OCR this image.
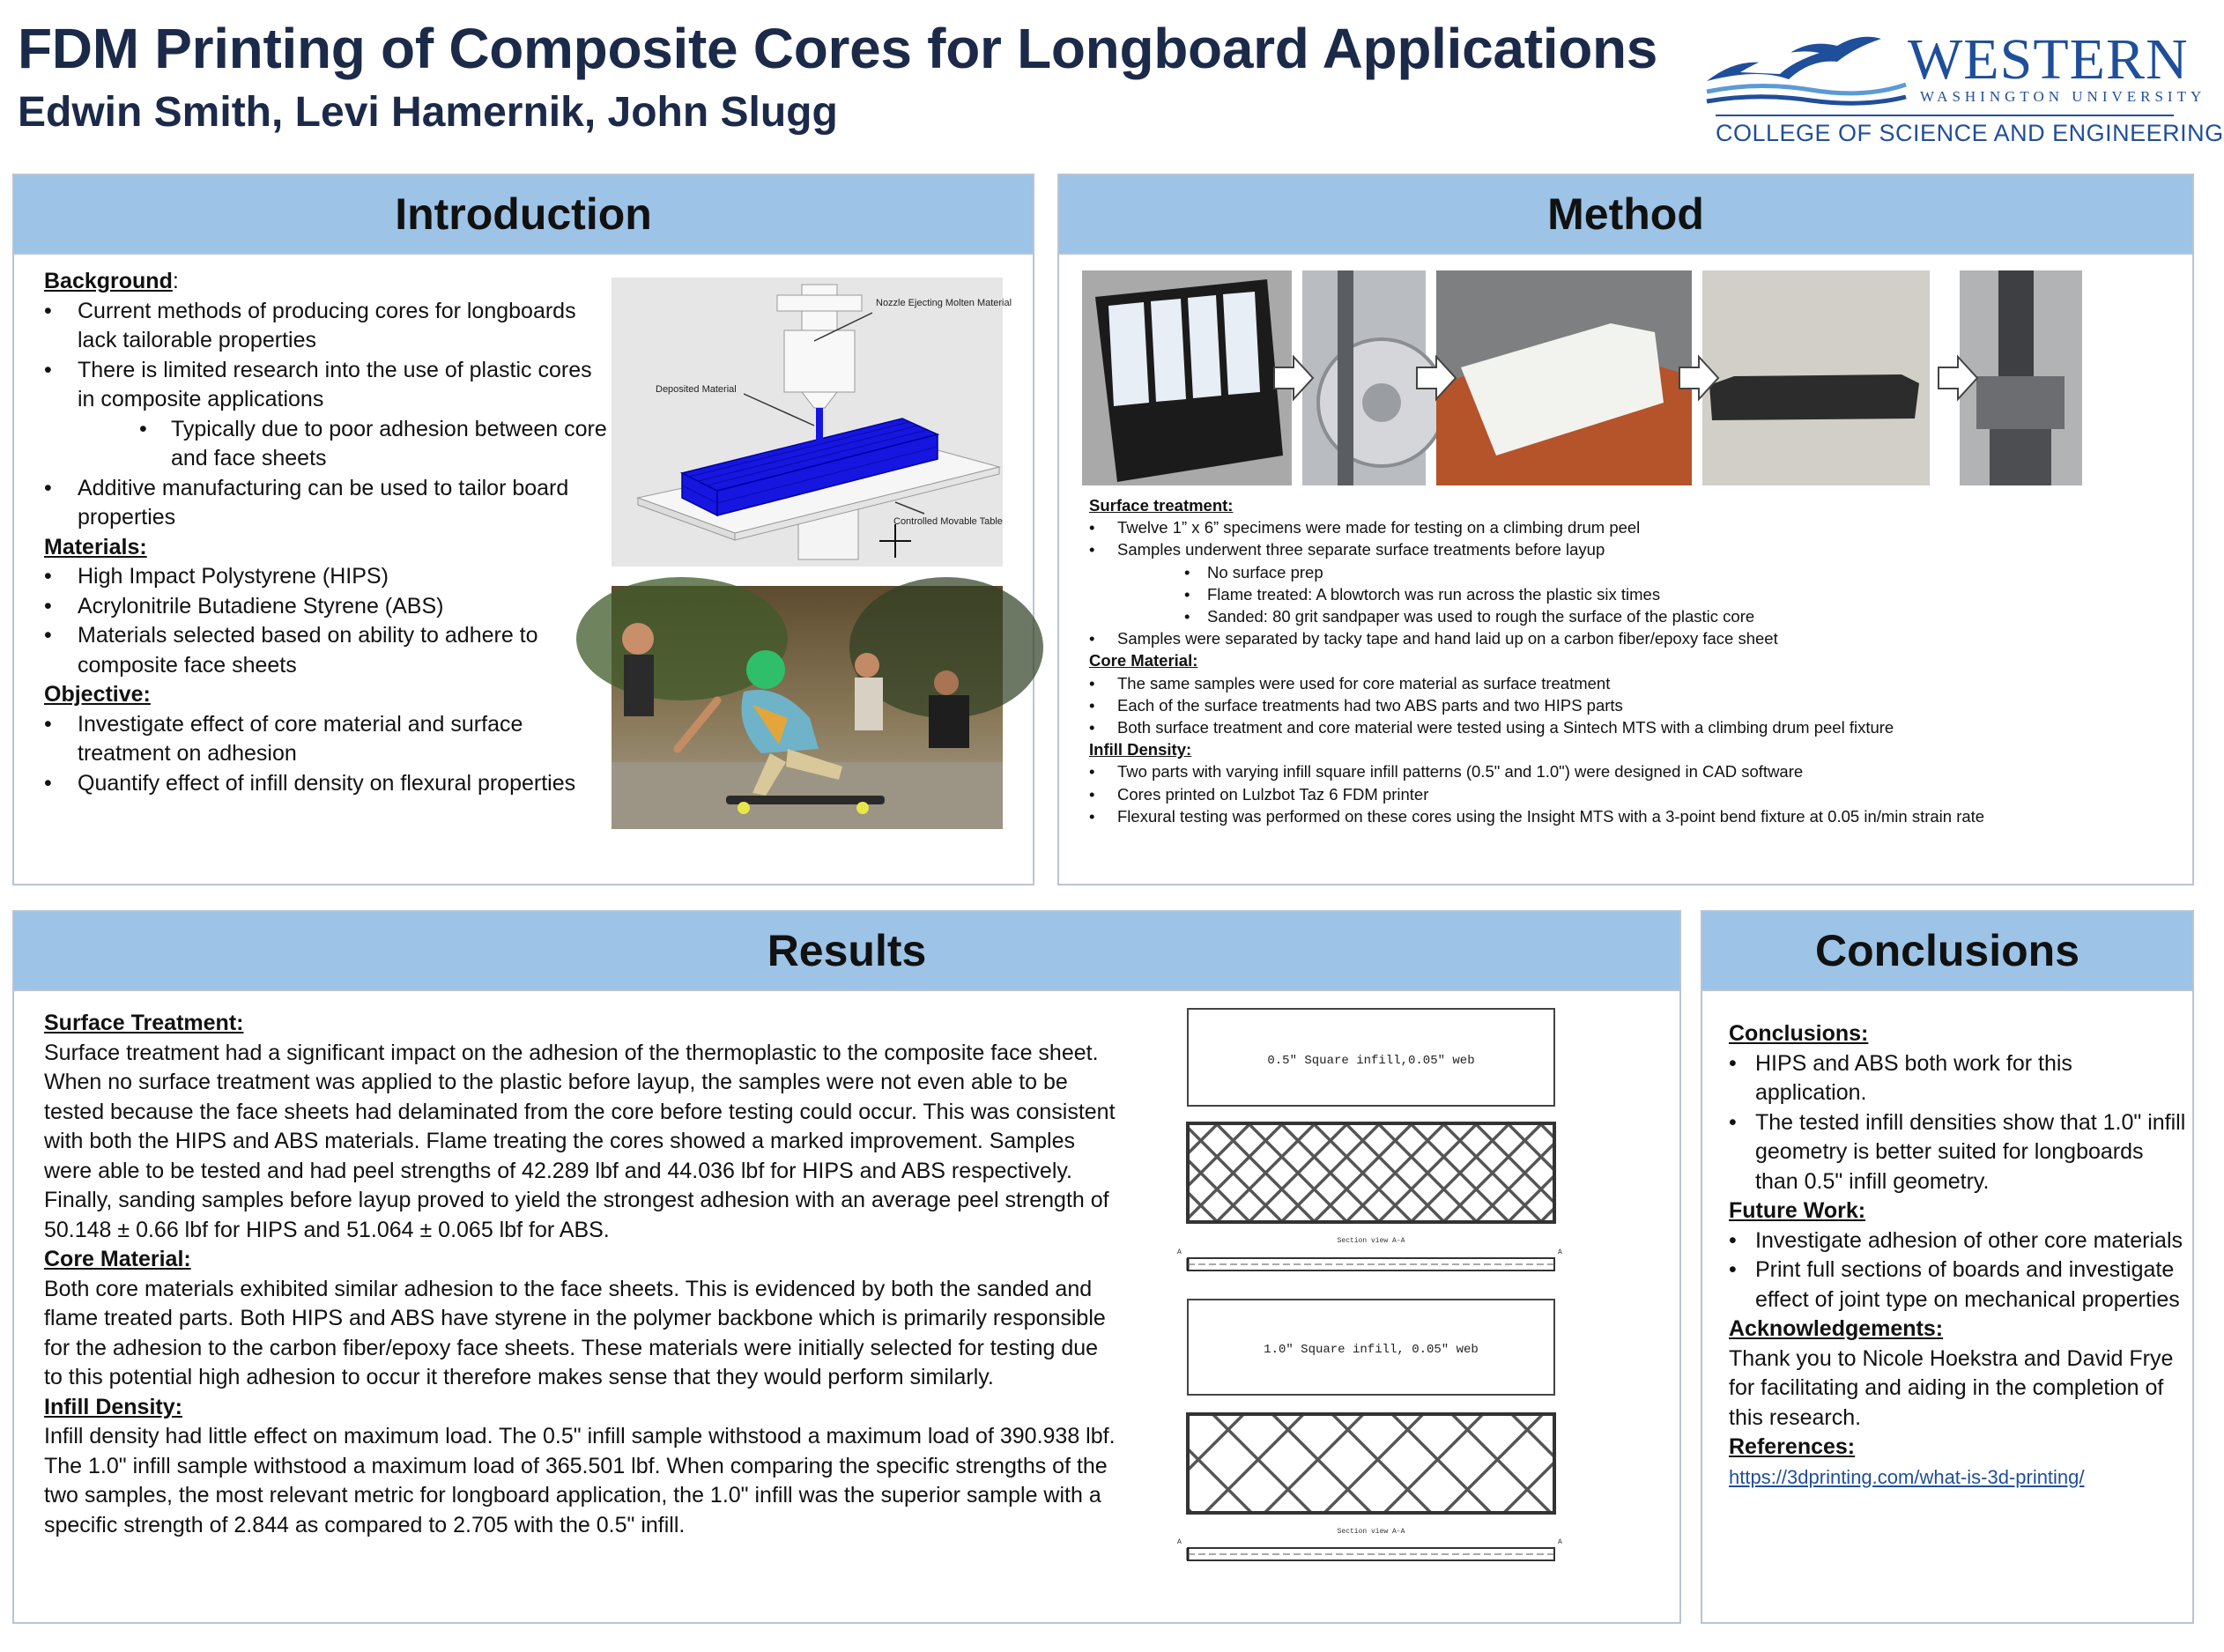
FDM Printing of Composite Cores for Longboard Applications
Edwin Smith, Levi Hamernik, John Slugg
WESTERN
WASHINGTON UNIVERSITY
COLLEGE OF SCIENCE AND ENGINEERING
Introduction
Background:
• Current methods of producing cores for longboards lack tailorable properties
• There is limited research into the use of plastic cores in composite applications
• Typically due to poor adhesion between core and face sheets
• Additive manufacturing can be used to tailor board properties
Materials:
• High Impact Polystyrene (HIPS)
• Acrylonitrile Butadiene Styrene (ABS)
• Materials selected based on ability to adhere to composite face sheets
Objective:
• Investigate effect of core material and surface treatment on adhesion
• Quantify effect of infill density on flexural properties
Nozzle Ejecting Molten Material
Deposited Material
Controlled Movable Table
Method
Surface treatment:
• Twelve 1” x 6” specimens were made for testing on a climbing drum peel
• Samples underwent three separate surface treatments before layup
• No surface prep
• Flame treated: A blowtorch was run across the plastic six times
• Sanded: 80 grit sandpaper was used to rough the surface of the plastic core
• Samples were separated by tacky tape and hand laid up on a carbon fiber/epoxy face sheet
Core Material:
• The same samples were used for core material as surface treatment
• Each of the surface treatments had two ABS parts and two HIPS parts
• Both surface treatment and core material were tested using a Sintech MTS with a climbing drum peel fixture
Infill Density:
• Two parts with varying infill square infill patterns (0.5" and 1.0") were designed in CAD software
• Cores printed on Lulzbot Taz 6 FDM printer
• Flexural testing was performed on these cores using the Insight MTS with a 3-point bend fixture at 0.05 in/min strain rate
Results
Surface Treatment:

Surface treatment had a significant impact on the adhesion of the thermoplastic to the composite face sheet. When no surface treatment was applied to the plastic before layup, the samples were not even able to be tested because the face sheets had delaminated from the core before testing could occur. This was consistent with both the HIPS and ABS materials. Flame treating the cores showed a marked improvement. Samples were able to be tested and had peel strengths of 42.289 lbf and 44.036 lbf for HIPS and ABS respectively. Finally, sanding samples before layup proved to yield the strongest adhesion with an average peel strength of 50.148 ± 0.66 lbf for HIPS and 51.064 ± 0.065 lbf for ABS.

Core Material:

Both core materials exhibited similar adhesion to the face sheets. This is evidenced by both the sanded and flame treated parts. Both HIPS and ABS have styrene in the polymer backbone which is primarily responsible for the adhesion to the carbon fiber/epoxy face sheets. These materials were initially selected for testing due to this potential high adhesion to occur it therefore makes sense that they would perform similarly.

Infill Density:

Infill density had little effect on maximum load. The 0.5" infill sample withstood a maximum load of 390.938 lbf. The 1.0" infill sample withstood a maximum load of 365.501 lbf. When comparing the specific strengths of the two samples, the most relevant metric for longboard application, the 1.0" infill was the superior sample with a specific strength of 2.844 as compared to 2.705 with the 0.5" infill.

0.5" Square infill,0.05" web
Section view A-A
A
1.0" Square infill, 0.05" web
Section view A-A
A
A
A
Conclusions
Conclusions:
• HIPS and ABS both work for this application.
• The tested infill densities show that 1.0" infill geometry is better suited for longboards than 0.5" infill geometry.
Future Work:
• Investigate adhesion of other core materials
• Print full sections of boards and investigate effect of joint type on mechanical properties
Acknowledgements:
Thank you to Nicole Hoekstra and David Frye for facilitating and aiding in the completion of this research.
References:
https://3dprinting.com/what-is-3d-printing/
